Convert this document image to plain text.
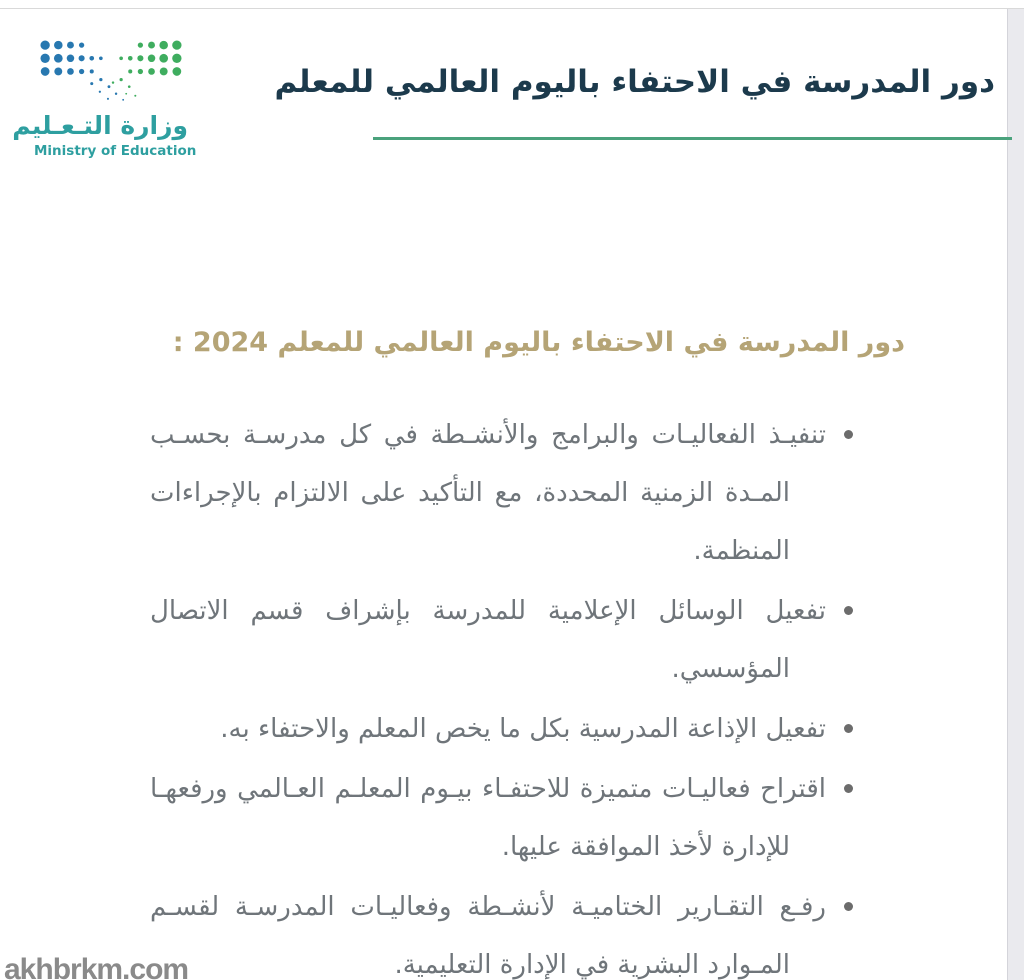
وزارة التـعـليم
Ministry of Education
دور المدرسة في الاحتفاء باليوم العالمي للمعلم
دور المدرسة في الاحتفاء باليوم العالمي للمعلم 2024 :
تنفيـذ الفعاليـات والبرامج والأنشـطة في كل مدرسـة بحسـب المـدة الزمنية المحددة، مع التأكيد على الالتزام بالإجراءات المنظمة.
تفعيل الوسائل الإعلامية للمدرسة بإشراف قسم الاتصال المؤسسي.
تفعيل الإذاعة المدرسية بكل ما يخص المعلم والاحتفاء به.
اقتراح فعاليـات متميزة للاحتفـاء بيـوم المعلـم العـالمي ورفعهـا للإدارة لأخذ الموافقة عليها.
رفـع التقـارير الختاميـة لأنشـطة وفعاليـات المدرسـة لقسـم المـوارد البشرية في الإدارة التعليمية.
akhbrkm.com
